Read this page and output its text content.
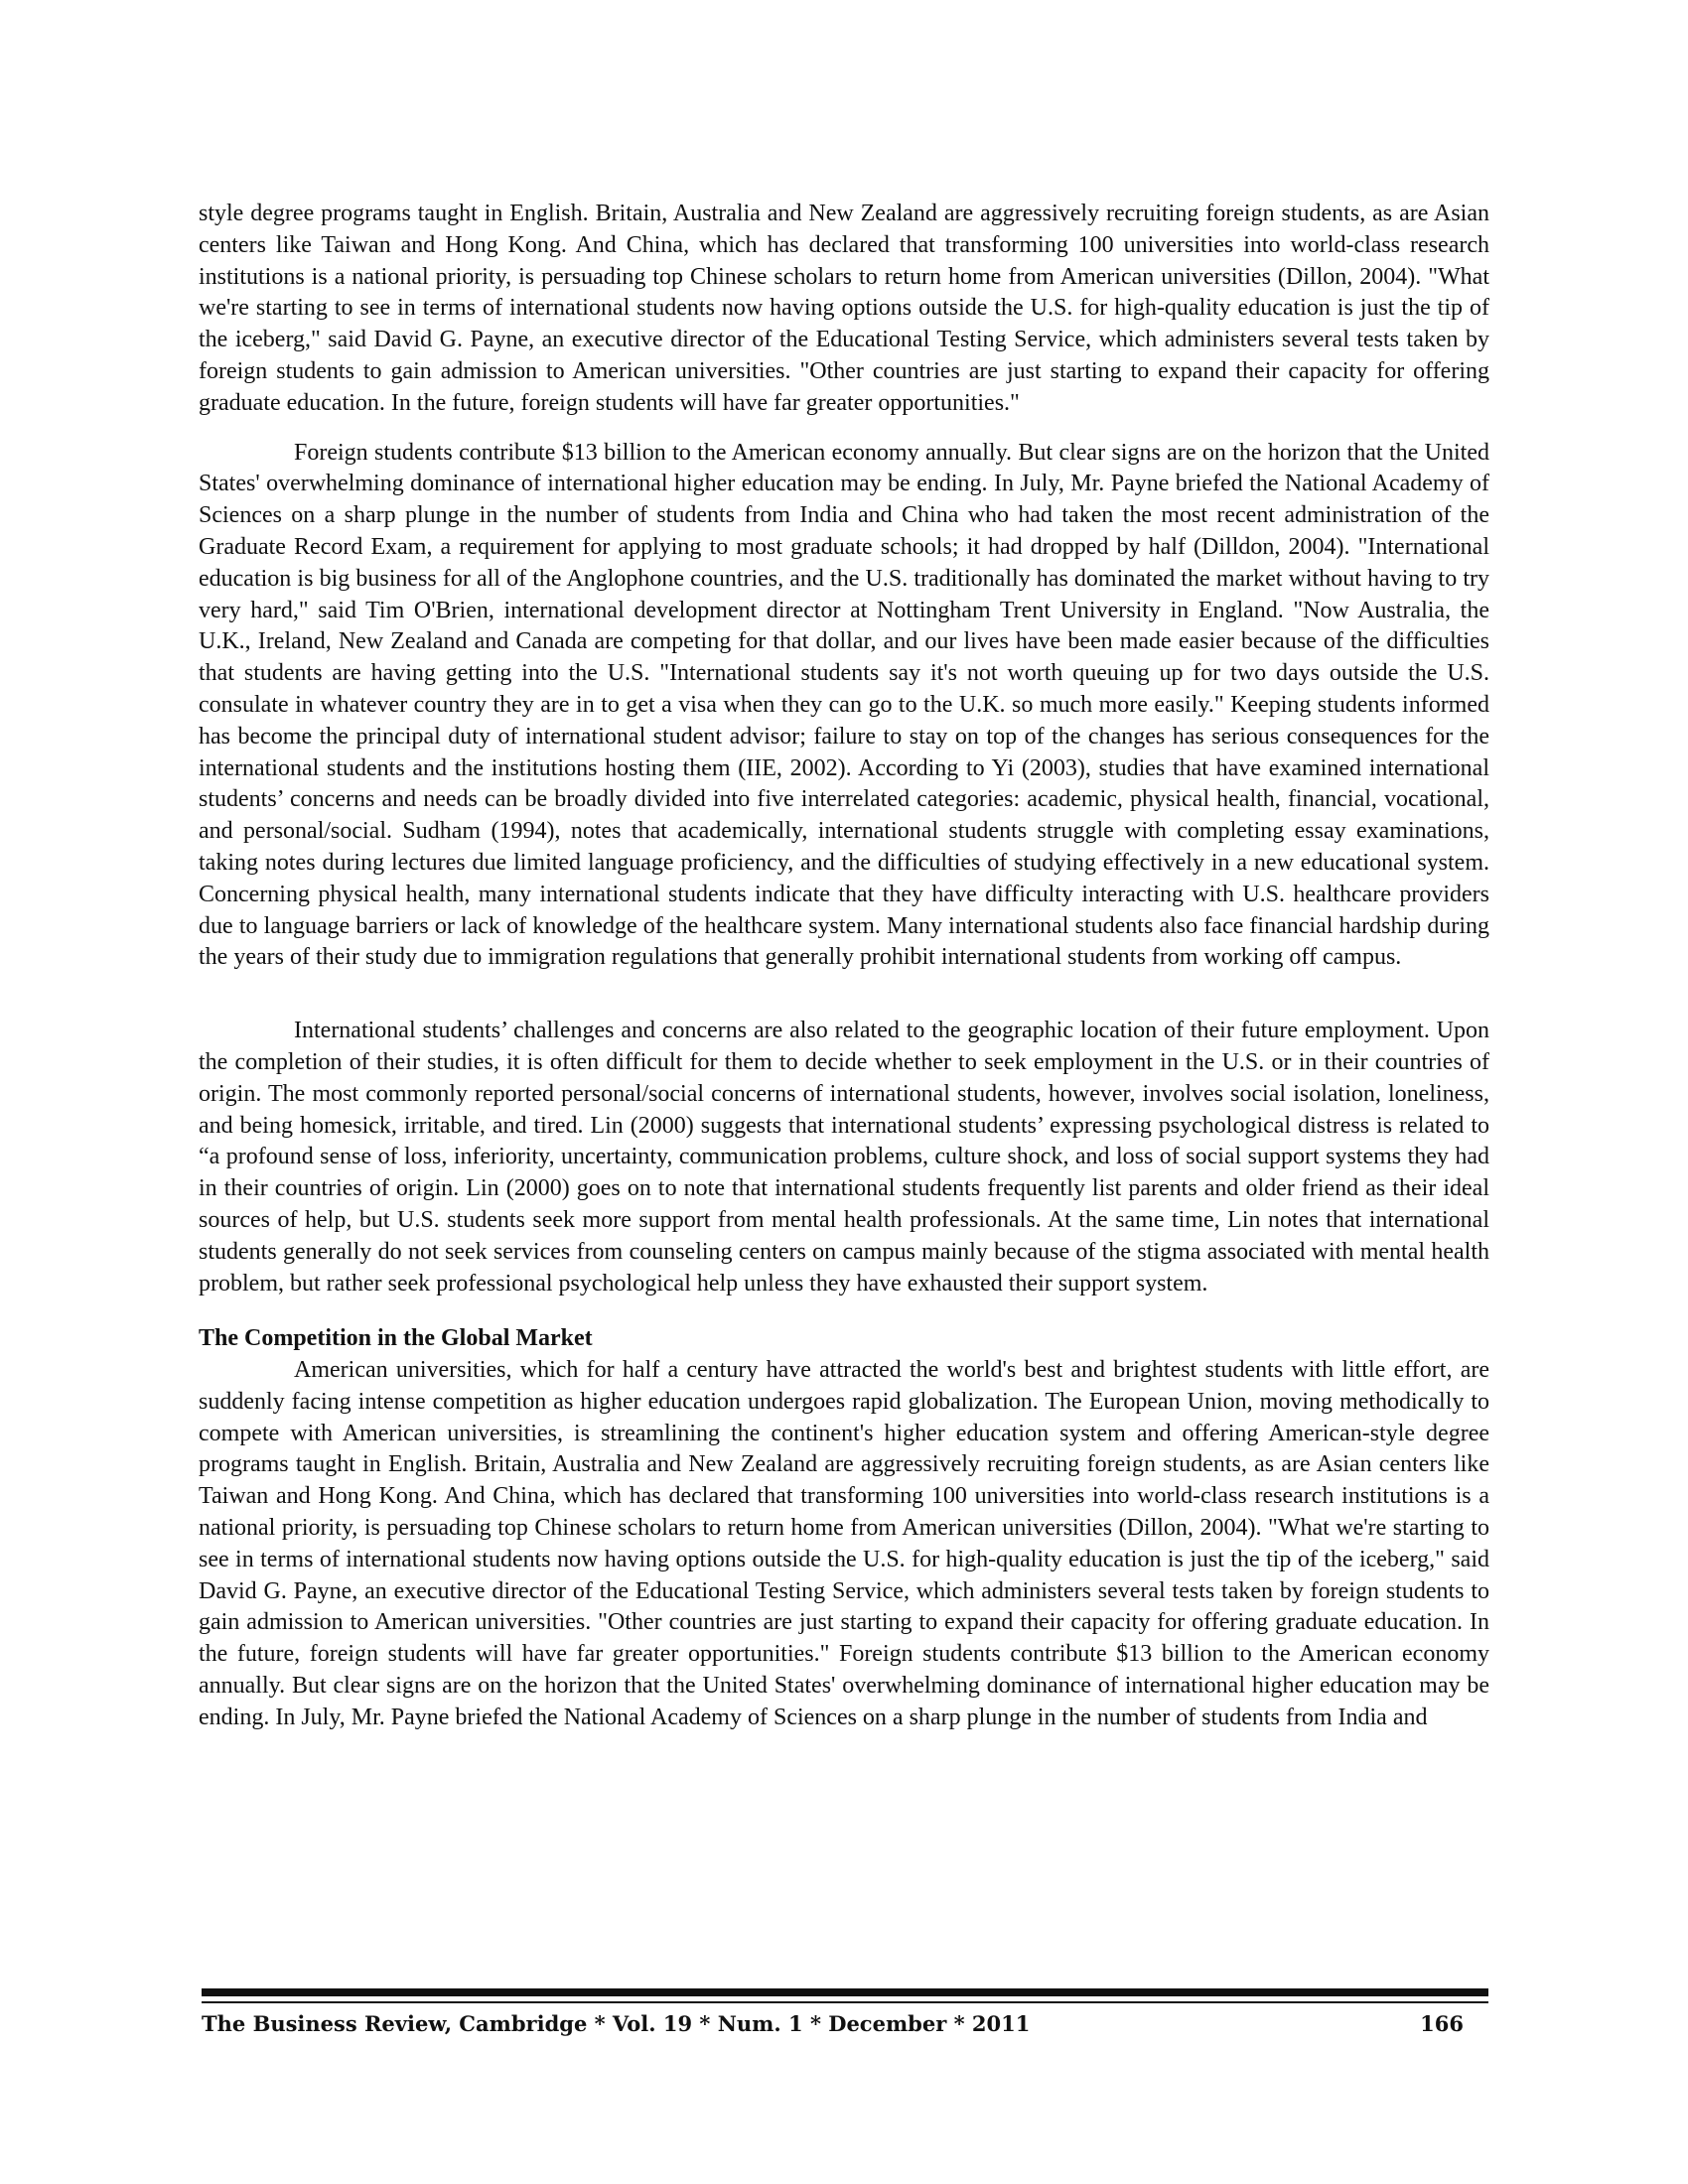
style degree programs taught in English. Britain, Australia and New Zealand are aggressively recruiting foreign students, as are Asian centers like Taiwan and Hong Kong. And China, which has declared that transforming 100 universities into world-class research institutions is a national priority, is persuading top Chinese scholars to return home from American universities (Dillon, 2004). "What we're starting to see in terms of international students now having options outside the U.S. for high-quality education is just the tip of the iceberg," said David G. Payne, an executive director of the Educational Testing Service, which administers several tests taken by foreign students to gain admission to American universities. "Other countries are just starting to expand their capacity for offering graduate education. In the future, foreign students will have far greater opportunities."

Foreign students contribute $13 billion to the American economy annually. But clear signs are on the horizon that the United States' overwhelming dominance of international higher education may be ending. In July, Mr. Payne briefed the National Academy of Sciences on a sharp plunge in the number of students from India and China who had taken the most recent administration of the Graduate Record Exam, a requirement for applying to most graduate schools; it had dropped by half (Dilldon, 2004). "International education is big business for all of the Anglophone countries, and the U.S. traditionally has dominated the market without having to try very hard," said Tim O'Brien, international development director at Nottingham Trent University in England. "Now Australia, the U.K., Ireland, New Zealand and Canada are competing for that dollar, and our lives have been made easier because of the difficulties that students are having getting into the U.S. "International students say it's not worth queuing up for two days outside the U.S. consulate in whatever country they are in to get a visa when they can go to the U.K. so much more easily." Keeping students informed has become the principal duty of international student advisor; failure to stay on top of the changes has serious consequences for the international students and the institutions hosting them (IIE, 2002). According to Yi (2003), studies that have examined international students’ concerns and needs can be broadly divided into five interrelated categories: academic, physical health, financial, vocational, and personal/social. Sudham (1994), notes that academically, international students struggle with completing essay examinations, taking notes during lectures due limited language proficiency, and the difficulties of studying effectively in a new educational system. Concerning physical health, many international students indicate that they have difficulty interacting with U.S. healthcare providers due to language barriers or lack of knowledge of the healthcare system. Many international students also face financial hardship during the years of their study due to immigration regulations that generally prohibit international students from working off campus.

International students’ challenges and concerns are also related to the geographic location of their future employment. Upon the completion of their studies, it is often difficult for them to decide whether to seek employment in the U.S. or in their countries of origin. The most commonly reported personal/social concerns of international students, however, involves social isolation, loneliness, and being homesick, irritable, and tired. Lin (2000) suggests that international students’ expressing psychological distress is related to “a profound sense of loss, inferiority, uncertainty, communication problems, culture shock, and loss of social support systems they had in their countries of origin. Lin (2000) goes on to note that international students frequently list parents and older friend as their ideal sources of help, but U.S. students seek more support from mental health professionals. At the same time, Lin notes that international students generally do not seek services from counseling centers on campus mainly because of the stigma associated with mental health problem, but rather seek professional psychological help unless they have exhausted their support system.

The Competition in the Global Market

American universities, which for half a century have attracted the world's best and brightest students with little effort, are suddenly facing intense competition as higher education undergoes rapid globalization. The European Union, moving methodically to compete with American universities, is streamlining the continent's higher education system and offering American-style degree programs taught in English. Britain, Australia and New Zealand are aggressively recruiting foreign students, as are Asian centers like Taiwan and Hong Kong. And China, which has declared that transforming 100 universities into world-class research institutions is a national priority, is persuading top Chinese scholars to return home from American universities (Dillon, 2004). "What we're starting to see in terms of international students now having options outside the U.S. for high-quality education is just the tip of the iceberg," said David G. Payne, an executive director of the Educational Testing Service, which administers several tests taken by foreign students to gain admission to American universities. "Other countries are just starting to expand their capacity for offering graduate education. In the future, foreign students will have far greater opportunities." Foreign students contribute $13 billion to the American economy annually. But clear signs are on the horizon that the United States' overwhelming dominance of international higher education may be ending. In July, Mr. Payne briefed the National Academy of Sciences on a sharp plunge in the number of students from India and

The Business Review, Cambridge * Vol. 19 * Num. 1 * December * 2011	166
